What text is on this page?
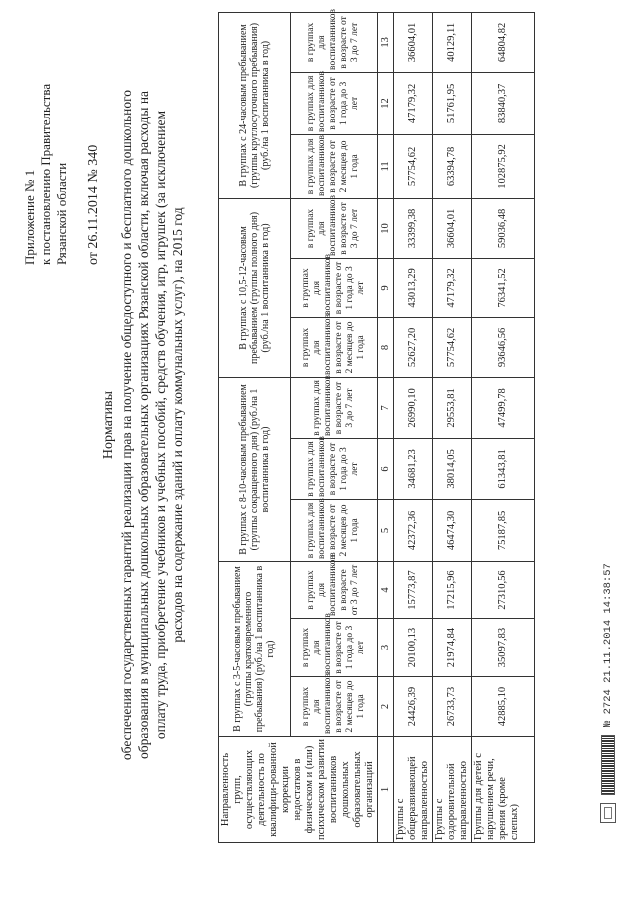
Приложение № 1 к постановлению Правительства Рязанской области от 26.11.2014 № 340
Нормативы обеспечения государственных гарантий реализации прав на получение общедоступного и бесплатного дошкольного образования в муниципальных дошкольных образовательных организациях Рязанской области, включая расходы на оплату труда, приобретение учебников и учебных пособий, средств обучения, игр, игрушек (за исключением расходов на содержание зданий и оплату коммунальных услуг), на 2015 год
Направленность групп, осуществляющих деятельность по квалифици-рованной коррекции недостатков в физическом и (или) психическом развитии воспитанников дошкольных образовательных организаций	В группах с 3-5-часовым пребыванием (группы кратковременного пребывания) (руб./на 1 воспитанника в год)			В группах с 8-10-часовым пребыванием (группы сокращенного дня) (руб./на 1 воспитанника в год)			В группах с 10,5-12-часовым пребыванием (группы полного дня) (руб./на 1 воспитанника в год)			В группах с 24-часовым пребыванием (группы круглосуточного пребывания) (руб./на 1 воспитанника в год)		
	в группах для воспитанников в возрасте от 2 месяцев до 1 года	в группах для воспитанников в возрасте от 1 года до 3 лет	в группах для воспитанников в возрасте от 3 до 7 лет	в группах для воспитанников в возрасте от 2 месяцев до 1 года	в группах для воспитанников в возрасте от 1 года до 3 лет	в группах для воспитанников в возрасте от 3 до 7 лет	в группах для воспитанников в возрасте от 2 месяцев до 1 года	в группах для воспитанников в возрасте от 1 года до 3 лет	в группах для воспитанников в возрасте от 3 до 7 лет	в группах для воспитанников в возрасте от 2 месяцев до 1 года	в группах для воспитанников в возрасте от 1 года до 3 лет	в группах для воспитанников в возрасте от 3 до 7 лет
1	2	3	4	5	6	7	8	9	10	11	12	13
Группы с общеразвивающей направленностью	24426,39	20100,13	15773,87	42372,36	34681,23	26990,10	52627,20	43013,29	33399,38	57754,62	47179,32	36604,01
Группы с оздоровительной направленностью	26733,73	21974,84	17215,96	46474,30	38014,05	29553,81	57754,62	47179,32	36604,01	63394,78	51761,95	40129,11
Группы для детей с нарушением речи, зрения (кроме слепых)	42885,10	35097,83	27310,56	75187,85	61343,81	47499,78	93646,56	76341,52	59036,48	102875,92	83840,37	64804,82
№ 2724 21.11.2014 14:38:57
